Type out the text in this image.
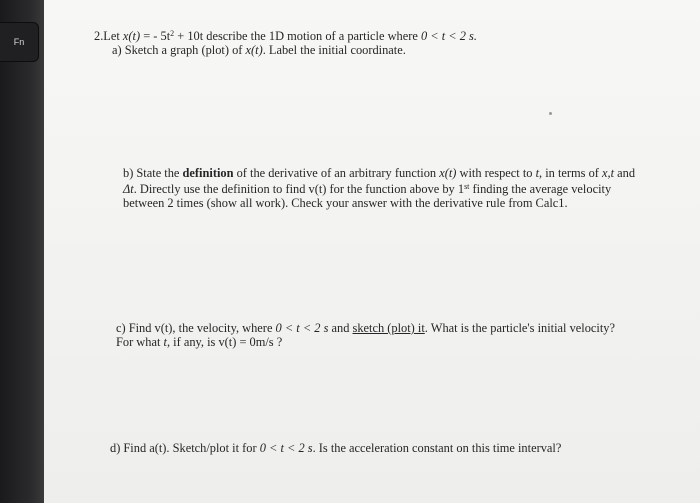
Fn	2.Let x(t) = - $5t^2 + 10t$ describe the 1D motion of a particle where 0 < t < 2 s.
a) Sketch a graph (plot) of x(t). Label the initial coordinate.
b) State the definition of the derivative of an arbitrary function x(t) with respect to t, in terms of x,t and
Δt. Directly use the definition to find v(t) for the function above by 1st finding the average velocity
between 2 times (show all work). Check your answer with the derivative rule from Calc1.
c) Find v(t), the velocity, where 0 < t < 2 s and sketch (plot) it. What is the particle's initial velocity?
For what t, if any, is v(t) = 0m/s ?
d) Find a(t). Sketch/plot it for 0 < t < 2 s. Is the acceleration constant on this time interval?
